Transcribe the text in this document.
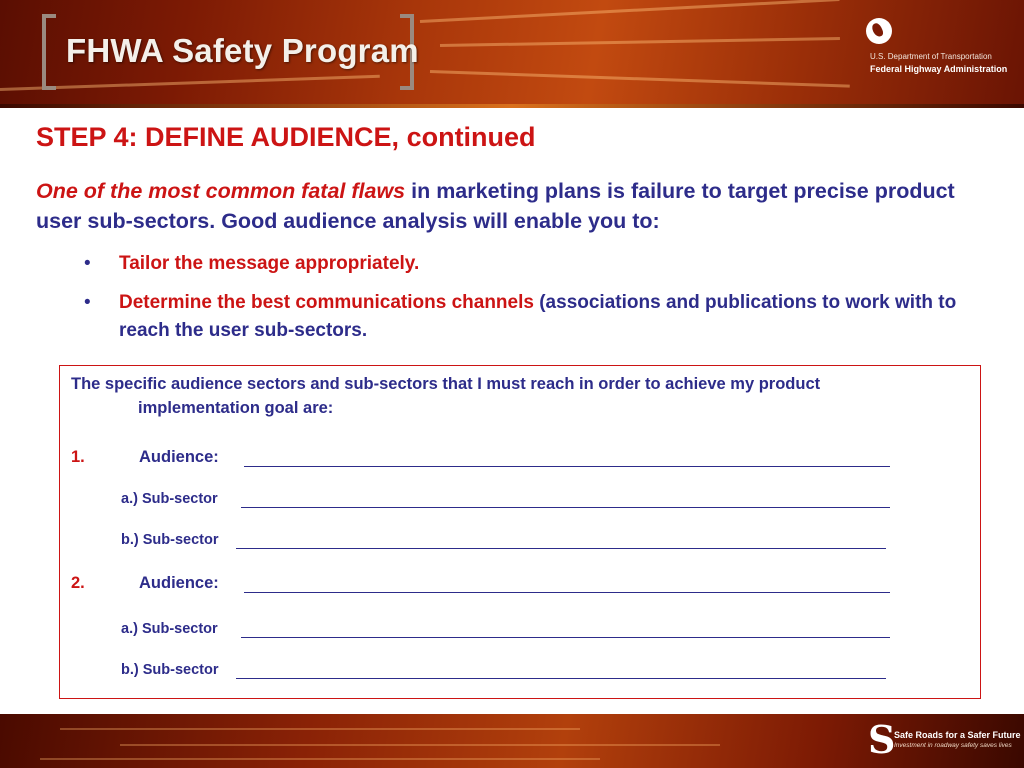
FHWA Safety Program	U.S. Department of Transportation
Federal Highway Administration
STEP 4: DEFINE AUDIENCE, continued
One of the most common fatal flaws in marketing plans is failure to target precise product user sub-sectors. Good audience analysis will enable you to:
• Tailor the message appropriately.
• Determine the best communications channels (associations and publications to work with to reach the user sub-sectors.
The specific audience sectors and sub-sectors that I must reach in order to achieve my product
implementation goal are:
1.	Audience:
a.) Sub-sector
b.) Sub-sector
2.	Audience:
a.) Sub-sector
b.) Sub-sector
S
Safe Roads for a Safer Future
Investment in roadway safety saves lives
